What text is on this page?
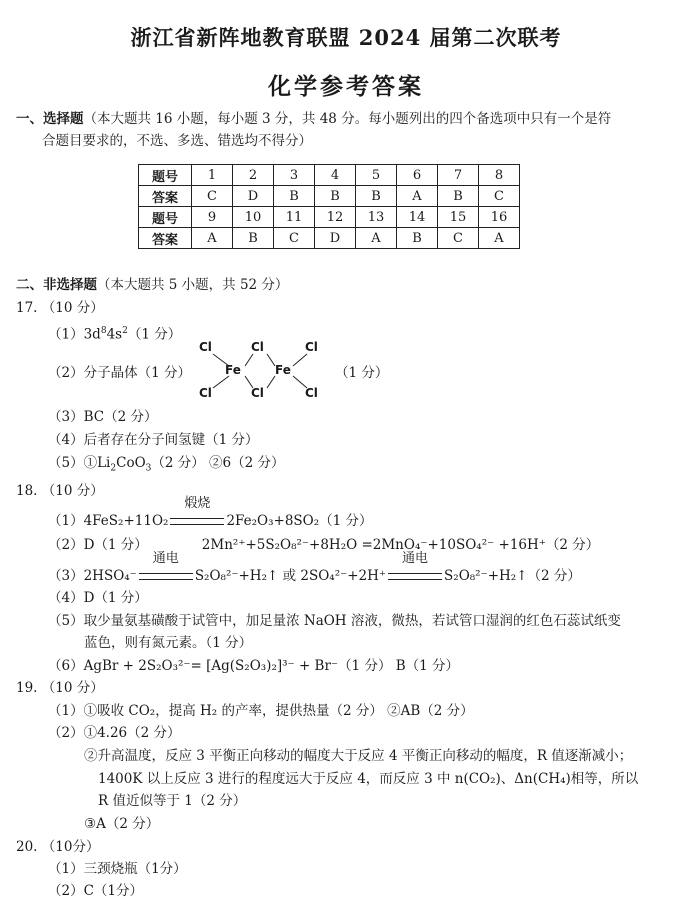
浙江省新阵地教育联盟 2024 届第二次联考
化学参考答案
一、选择题（本大题共 16 小题，每小题 3 分，共 48 分。每小题列出的四个备选项中只有一个是符
合题目要求的，不选、多选、错选均不得分）
题号	1	2	3	4	5	6	7	8
答案	C	D	B	B	B	A	B	C
题号	9	10	11	12	13	14	15	16
答案	A	B	C	D	A	B	C	A
二、非选择题（本大题共 5 小题，共 52 分）
17. （10 分）
$(1)3d^84s^2(1$ 分）
（2）分子晶体（1 分）
Cl	Cl	Cl
Fe	Fe
Cl	Cl	Cl
（1 分）
（3）BC（2 分）
（4）后者存在分子间氢键（1 分）
$(5)①Li_2CoO_3(2$ 分） ②6（2 分）
18. （10 分）
（1）4FeS₂+11O₂
煅烧
2Fe₂O₃+8SO₂（1 分）
（2）D（1 分）	2Mn²⁺+5S₂O₈²⁻+8H₂O =2MnO₄⁻+10SO₄²⁻ +16H⁺（2 分）
（3）2HSO₄⁻
通电
S₂O₈²⁻+H₂↑ 或 2SO₄²⁻+2H⁺
通电
S₂O₈²⁻+H₂↑（2 分）
（4）D（1 分）
（5）取少量氨基磺酸于试管中，加足量浓 NaOH 溶液，微热，若试管口湿润的红色石蕊试纸变
蓝色，则有氮元素。（1 分）
（6）AgBr + 2S₂O₃²⁻= [Ag(S₂O₃)₂]³⁻ + Br⁻（1 分） B（1 分）
19. （10 分）
（1）①吸收 CO₂，提高 H₂ 的产率，提供热量（2 分） ②AB（2 分）
（2）①4.26（2 分）
②升高温度，反应 3 平衡正向移动的幅度大于反应 4 平衡正向移动的幅度，R 值逐渐减小；
1400K 以上反应 3 进行的程度远大于反应 4，而反应 3 中 n(CO₂)、Δn(CH₄)相等，所以
R 值近似等于 1（2 分）
③A（2 分）
20. （10分）
（1）三颈烧瓶（1分）
（2）C（1分）
